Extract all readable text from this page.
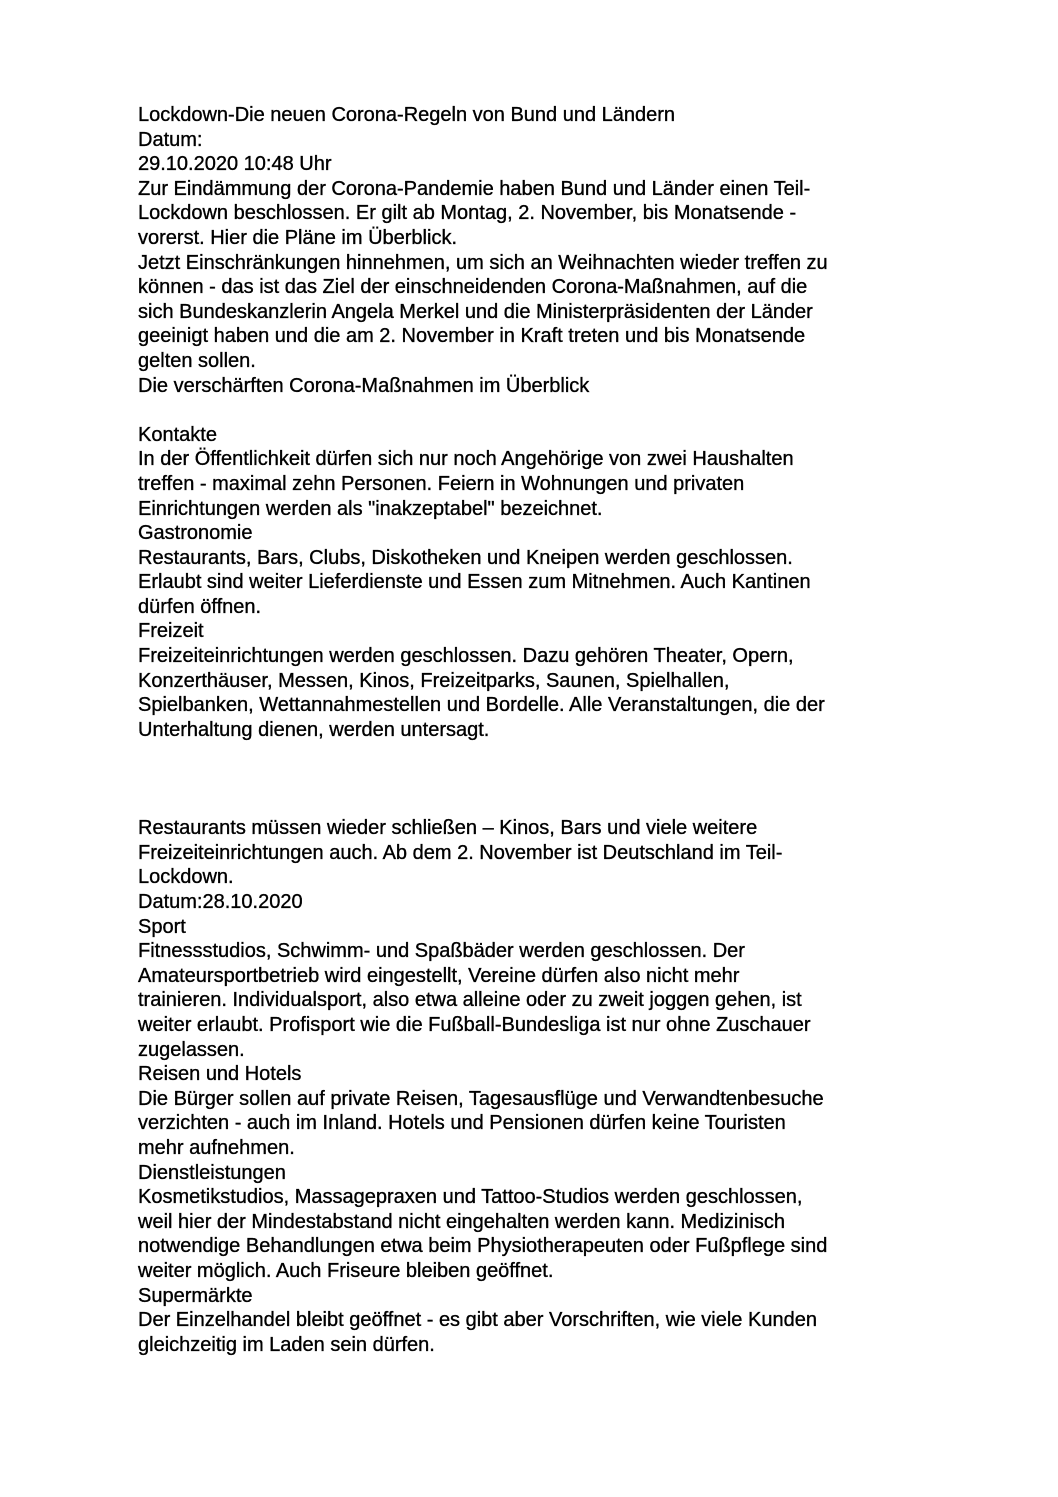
Lockdown-Die neuen Corona-Regeln von Bund und Ländern
Datum:
29.10.2020 10:48 Uhr
Zur Eindämmung der Corona-Pandemie haben Bund und Länder einen Teil-
Lockdown beschlossen. Er gilt ab Montag, 2. November, bis Monatsende -
vorerst. Hier die Pläne im Überblick.
Jetzt Einschränkungen hinnehmen, um sich an Weihnachten wieder treffen zu
können - das ist das Ziel der einschneidenden Corona-Maßnahmen, auf die
sich Bundeskanzlerin Angela Merkel und die Ministerpräsidenten der Länder
geeinigt haben und die am 2. November in Kraft treten und bis Monatsende
gelten sollen.
Die verschärften Corona-Maßnahmen im Überblick
Kontakte
In der Öffentlichkeit dürfen sich nur noch Angehörige von zwei Haushalten
treffen - maximal zehn Personen. Feiern in Wohnungen und privaten
Einrichtungen werden als "inakzeptabel" bezeichnet.
Gastronomie
Restaurants, Bars, Clubs, Diskotheken und Kneipen werden geschlossen.
Erlaubt sind weiter Lieferdienste und Essen zum Mitnehmen. Auch Kantinen
dürfen öffnen.
Freizeit
Freizeiteinrichtungen werden geschlossen. Dazu gehören Theater, Opern,
Konzerthäuser, Messen, Kinos, Freizeitparks, Saunen, Spielhallen,
Spielbanken, Wettannahmestellen und Bordelle. Alle Veranstaltungen, die der
Unterhaltung dienen, werden untersagt.
Restaurants müssen wieder schließen – Kinos, Bars und viele weitere
Freizeiteinrichtungen auch. Ab dem 2. November ist Deutschland im Teil-
Lockdown.
Datum:28.10.2020
Sport
Fitnessstudios, Schwimm- und Spaßbäder werden geschlossen. Der
Amateursportbetrieb wird eingestellt, Vereine dürfen also nicht mehr
trainieren. Individualsport, also etwa alleine oder zu zweit joggen gehen, ist
weiter erlaubt. Profisport wie die Fußball-Bundesliga ist nur ohne Zuschauer
zugelassen.
Reisen und Hotels
Die Bürger sollen auf private Reisen, Tagesausflüge und Verwandtenbesuche
verzichten - auch im Inland. Hotels und Pensionen dürfen keine Touristen
mehr aufnehmen.
Dienstleistungen
Kosmetikstudios, Massagepraxen und Tattoo-Studios werden geschlossen,
weil hier der Mindestabstand nicht eingehalten werden kann. Medizinisch
notwendige Behandlungen etwa beim Physiotherapeuten oder Fußpflege sind
weiter möglich. Auch Friseure bleiben geöffnet.
Supermärkte
Der Einzelhandel bleibt geöffnet - es gibt aber Vorschriften, wie viele Kunden
gleichzeitig im Laden sein dürfen.
